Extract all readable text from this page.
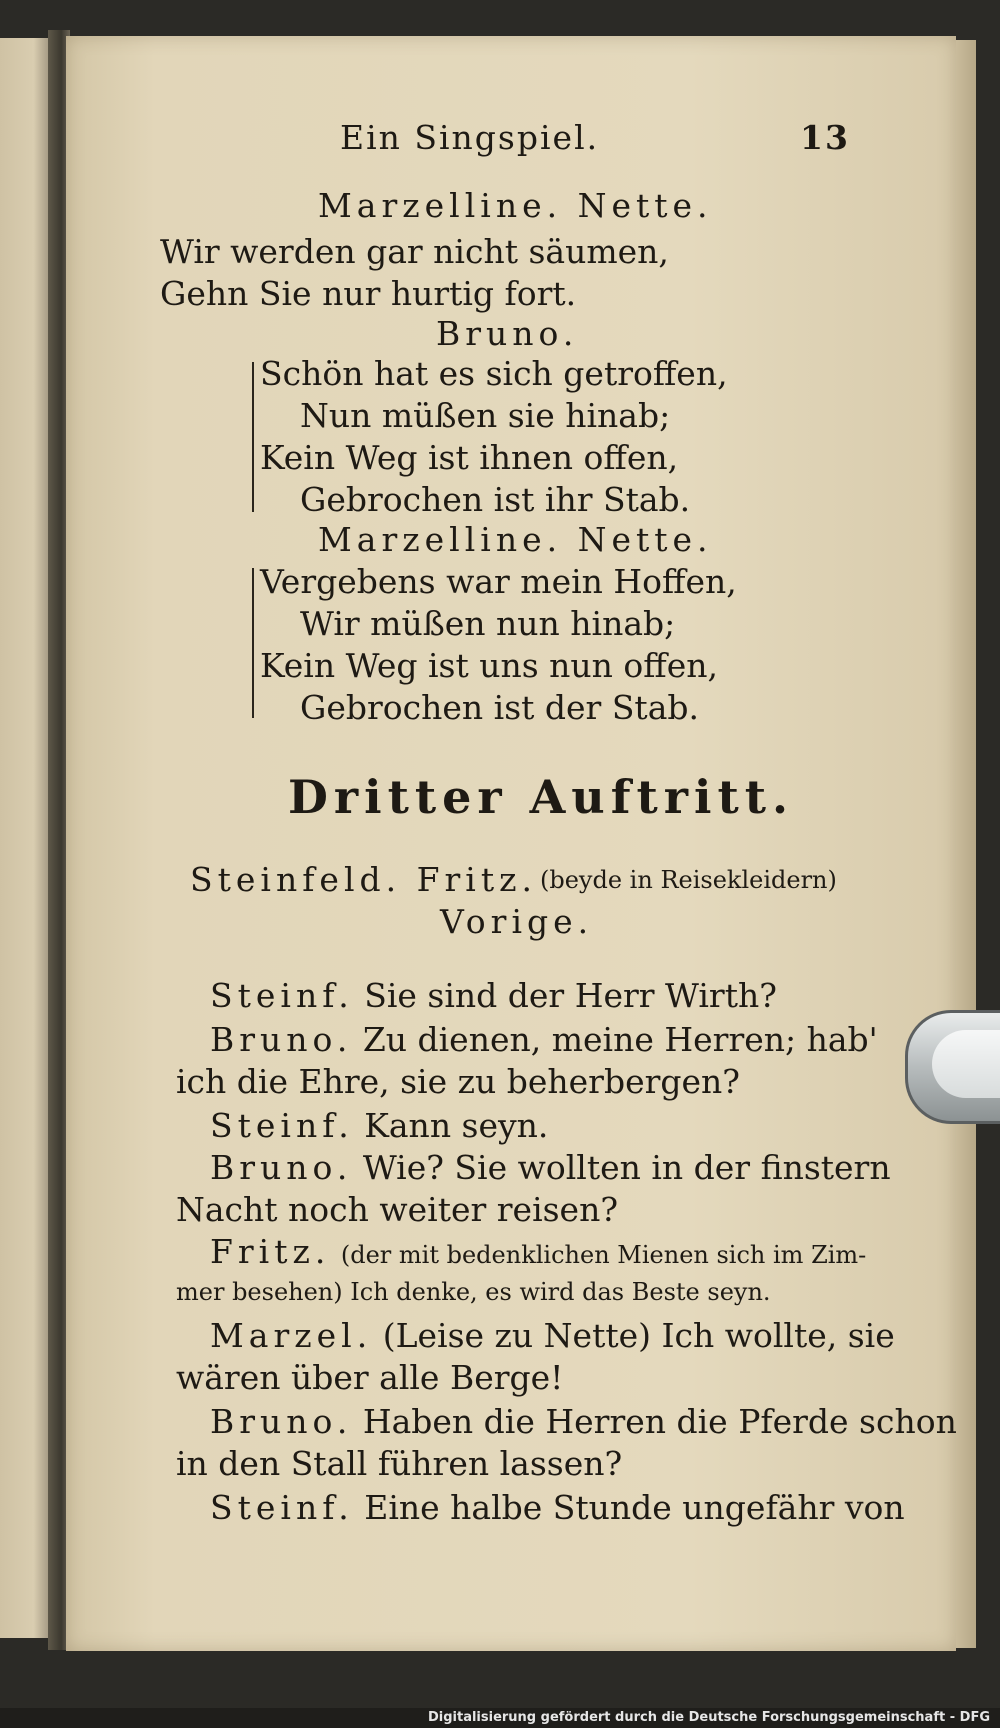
Ein Singspiel.	13
Marzelline. Nette.
Wir werden gar nicht säumen,
Gehn Sie nur hurtig fort.
Bruno.
Schön hat es sich getroffen,
Nun müßen sie hinab;
Kein Weg ist ihnen offen,
Gebrochen ist ihr Stab.
Marzelline. Nette.
Vergebens war mein Hoffen,
Wir müßen nun hinab;
Kein Weg ist uns nun offen,
Gebrochen ist der Stab.
Dritter Auftritt.
Steinfeld. Fritz. (beyde in Reisekleidern)
Vorige.
Steinf. Sie sind der Herr Wirth?
Bruno. Zu dienen, meine Herren; hab'
ich die Ehre, sie zu beherbergen?
Steinf. Kann seyn.
Bruno. Wie? Sie wollten in der finstern
Nacht noch weiter reisen?
Fritz. (der mit bedenklichen Mienen sich im Zim-
mer besehen) Ich denke, es wird das Beste seyn.
Marzel. (Leise zu Nette) Ich wollte, sie
wären über alle Berge!
Bruno. Haben die Herren die Pferde schon
in den Stall führen lassen?
Steinf. Eine halbe Stunde ungefähr von
Digitalisierung gefördert durch die Deutsche Forschungsgemeinschaft - DFG
